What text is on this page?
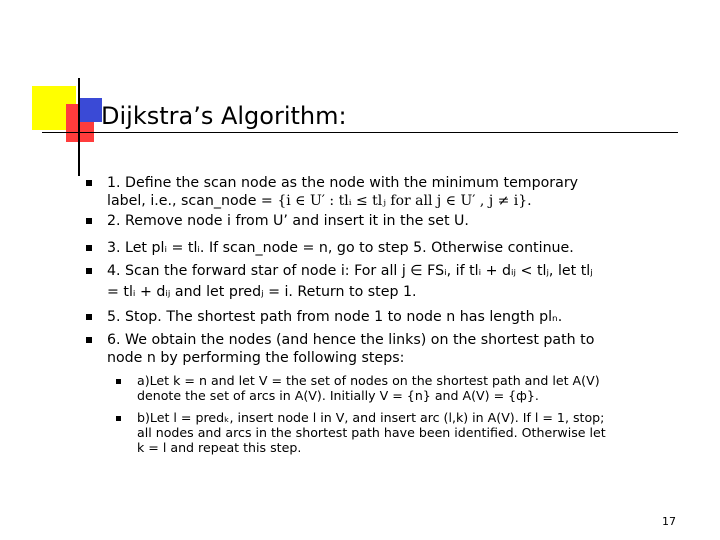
Dijkstra’s Algorithm:
1. Define the scan node as the node with the minimum temporary
label, i.e., scan_node = {i ∈ U′ : tlᵢ ≤ tlⱼ for all j ∈ U′ , j ≠ i}.
2. Remove node i from U’ and insert it in the set U.
3. Let plᵢ = tlᵢ. If scan_node = n, go to step 5. Otherwise continue.
4. Scan the forward star of node i: For all j ∈ FSᵢ, if tlᵢ + dᵢⱼ < tlⱼ, let tlⱼ
= tlᵢ + dᵢⱼ and let predⱼ = i. Return to step 1.
5. Stop. The shortest path from node 1 to node n has length plₙ.
6. We obtain the nodes (and hence the links) on the shortest path to
node n by performing the following steps:
a)Let k = n and let V = the set of nodes on the shortest path and let A(V)
denote the set of arcs in A(V). Initially V = {n} and A(V) = {ф}.
b)Let l = predₖ, insert node l in V, and insert arc (l,k) in A(V). If l = 1, stop;
all nodes and arcs in the shortest path have been identified. Otherwise let
k = l and repeat this step.
17
